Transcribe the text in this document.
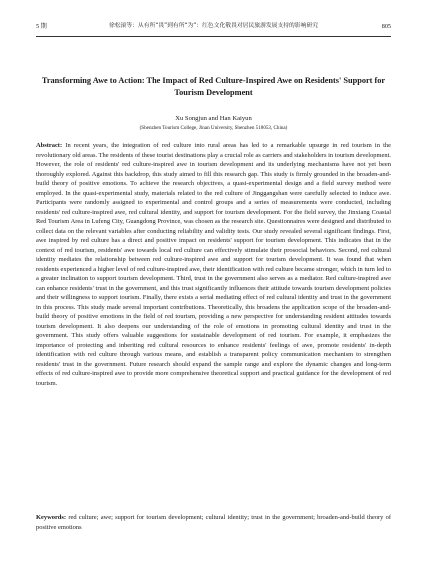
5 期	徐松滚等：从有所“畏”到有所“为”：红色文化敬畏对居民旅游发展支持的影响研究	805
Transforming Awe to Action: The Impact of Red Culture-Inspired Awe on Residents' Support for Tourism Development
Xu Songjun and Han Kaiyun
(Shenzhen Tourism College, Jinan University, Shenzhen 518053, China)
Abstract: In recent years, the integration of red culture into rural areas has led to a remarkable upsurge in red tourism in the revolutionary old areas. The residents of these tourist destinations play a crucial role as carriers and stakeholders in tourism development. However, the role of residents' red culture-inspired awe in tourism development and its underlying mechanisms have not yet been thoroughly explored. Against this backdrop, this study aimed to fill this research gap. This study is firmly grounded in the broaden-and-build theory of positive emotions. To achieve the research objectives, a quasi-experimental design and a field survey method were employed. In the quasi-experimental study, materials related to the red culture of Jinggangshan were carefully selected to induce awe. Participants were randomly assigned to experimental and control groups and a series of measurements were conducted, including residents' red culture-inspired awe, red cultural identity, and support for tourism development. For the field survey, the Jinxiang Coastal Red Tourism Area in Lufeng City, Guangdong Province, was chosen as the research site. Questionnaires were designed and distributed to collect data on the relevant variables after conducting reliability and validity tests. Our study revealed several significant findings. First, awe inspired by red culture has a direct and positive impact on residents' support for tourism development. This indicates that in the context of red tourism, residents' awe towards local red culture can effectively stimulate their prosocial behaviors. Second, red cultural identity mediates the relationship between red culture-inspired awe and support for tourism development. It was found that when residents experienced a higher level of red culture-inspired awe, their identification with red culture became stronger, which in turn led to a greater inclination to support tourism development. Third, trust in the government also serves as a mediator. Red culture-inspired awe can enhance residents' trust in the government, and this trust significantly influences their attitude towards tourism development policies and their willingness to support tourism. Finally, there exists a serial mediating effect of red cultural identity and trust in the government in this process. This study made several important contributions. Theoretically, this broadens the application scope of the broaden-and-build theory of positive emotions in the field of red tourism, providing a new perspective for understanding resident attitudes towards tourism development. It also deepens our understanding of the role of emotions in promoting cultural identity and trust in the government. This study offers valuable suggestions for sustainable development of red tourism. For example, it emphasizes the importance of protecting and inheriting red cultural resources to enhance residents' feelings of awe, promote residents' in-depth identification with red culture through various means, and establish a transparent policy communication mechanism to strengthen residents' trust in the government. Future research should expand the sample range and explore the dynamic changes and long-term effects of red culture-inspired awe to provide more comprehensive theoretical support and practical guidance for the development of red tourism.
Keywords: red culture; awe; support for tourism development; cultural identity; trust in the government; broaden-and-build theory of positive emotions
